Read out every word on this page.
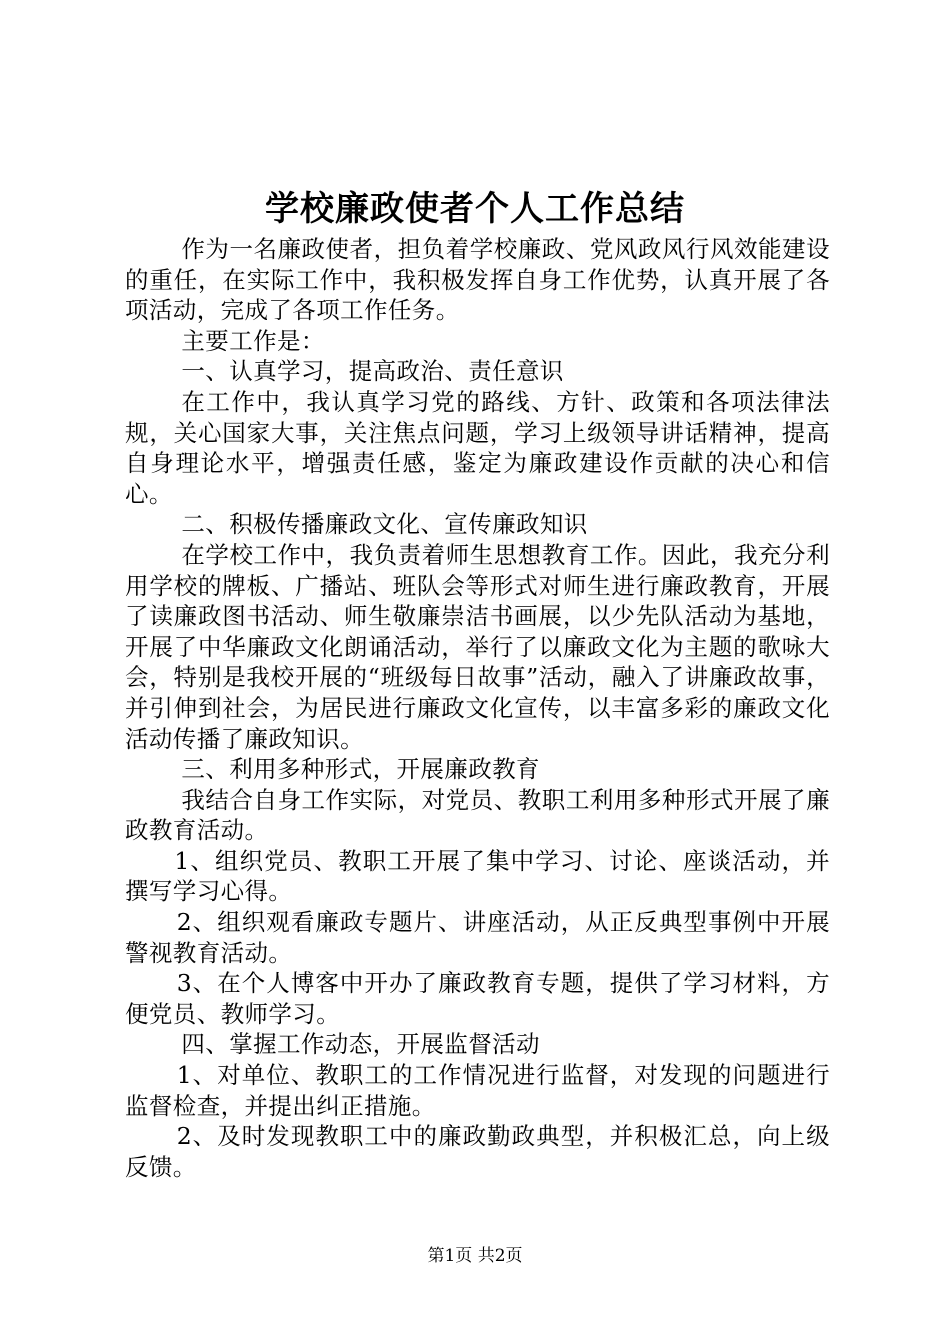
学校廉政使者个人工作总结

作为一名廉政使者，担负着学校廉政、党风政风行风效能建设的重任，在实际工作中，我积极发挥自身工作优势，认真开展了各项活动，完成了各项工作任务。

主要工作是：

一、认真学习，提高政治、责任意识

在工作中，我认真学习党的路线、方针、政策和各项法律法规，关心国家大事，关注焦点问题，学习上级领导讲话精神，提高自身理论水平，增强责任感，鉴定为廉政建设作贡献的决心和信心。

二、积极传播廉政文化、宣传廉政知识

在学校工作中，我负责着师生思想教育工作。因此，我充分利用学校的牌板、广播站、班队会等形式对师生进行廉政教育，开展了读廉政图书活动、师生敬廉崇洁书画展，以少先队活动为基地，开展了中华廉政文化朗诵活动，举行了以廉政文化为主题的歌咏大会，特别是我校开展的“班级每日故事”活动，融入了讲廉政故事，并引伸到社会，为居民进行廉政文化宣传，以丰富多彩的廉政文化活动传播了廉政知识。

三、利用多种形式，开展廉政教育

我结合自身工作实际，对党员、教职工利用多种形式开展了廉政教育活动。

1、组织党员、教职工开展了集中学习、讨论、座谈活动，并撰写学习心得。

2、组织观看廉政专题片、讲座活动，从正反典型事例中开展警视教育活动。

3、在个人博客中开办了廉政教育专题，提供了学习材料，方便党员、教师学习。

四、掌握工作动态，开展监督活动

1、对单位、教职工的工作情况进行监督，对发现的问题进行监督检查，并提出纠正措施。

2、及时发现教职工中的廉政勤政典型，并积极汇总，向上级反馈。

第1页 共2页
